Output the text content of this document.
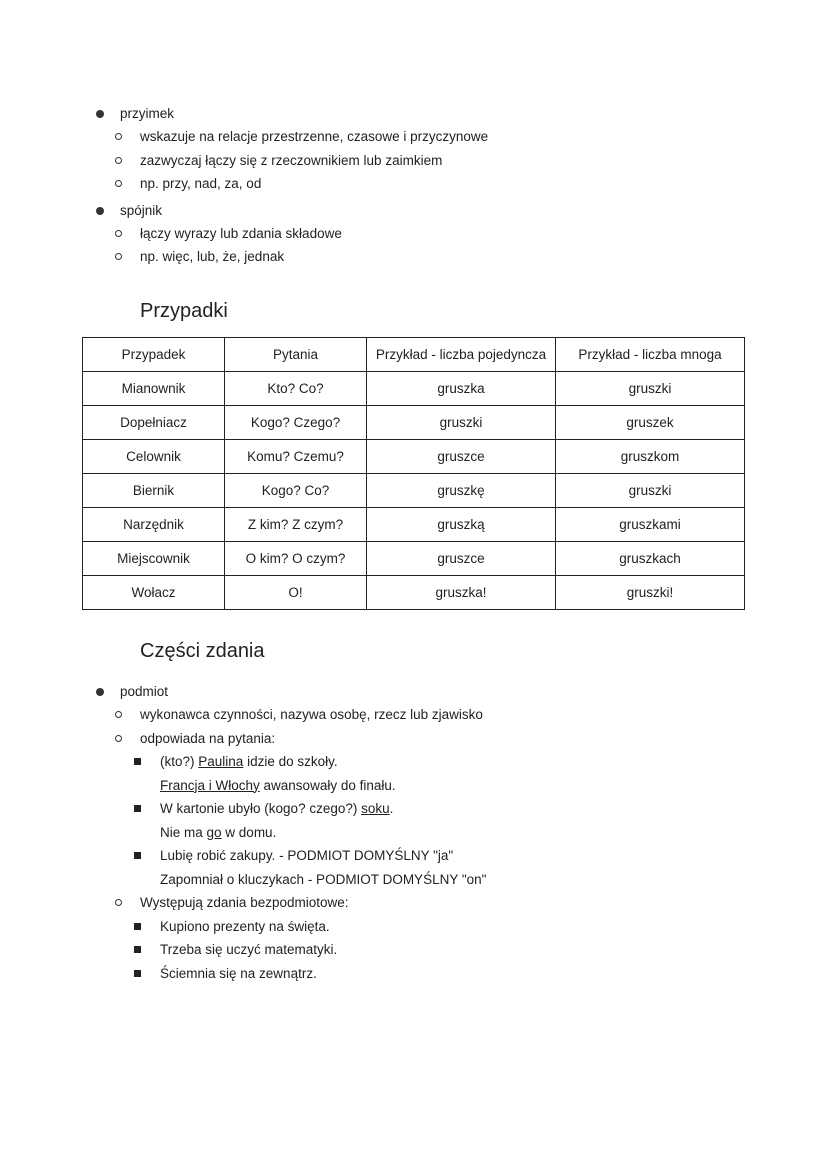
przyimek
wskazuje na relacje przestrzenne, czasowe i przyczynowe
zazwyczaj łączy się z rzeczownikiem lub zaimkiem
np. przy, nad, za, od
spójnik
łączy wyrazy lub zdania składowe
np. więc, lub, że, jednak
Przypadki
Przypadek	Pytania	Przykład - liczba pojedyncza	Przykład - liczba mnoga
Mianownik	Kto? Co?	gruszka	gruszki
Dopełniacz	Kogo? Czego?	gruszki	gruszek
Celownik	Komu? Czemu?	gruszce	gruszkom
Biernik	Kogo? Co?	gruszkę	gruszki
Narzędnik	Z kim? Z czym?	gruszką	gruszkami
Miejscownik	O kim? O czym?	gruszce	gruszkach
Wołacz	O!	gruszka!	gruszki!
Części zdania
podmiot
wykonawca czynności, nazywa osobę, rzecz lub zjawisko
odpowiada na pytania:
(kto?) Paulina idzie do szkoły.
Francja i Włochy awansowały do finału.
W kartonie ubyło (kogo? czego?) soku.
Nie ma go w domu.
Lubię robić zakupy. - PODMIOT DOMYŚLNY "ja"
Zapomniał o kluczykach - PODMIOT DOMYŚLNY "on"
Występują zdania bezpodmiotowe:
Kupiono prezenty na święta.
Trzeba się uczyć matematyki.
Ściemnia się na zewnątrz.
